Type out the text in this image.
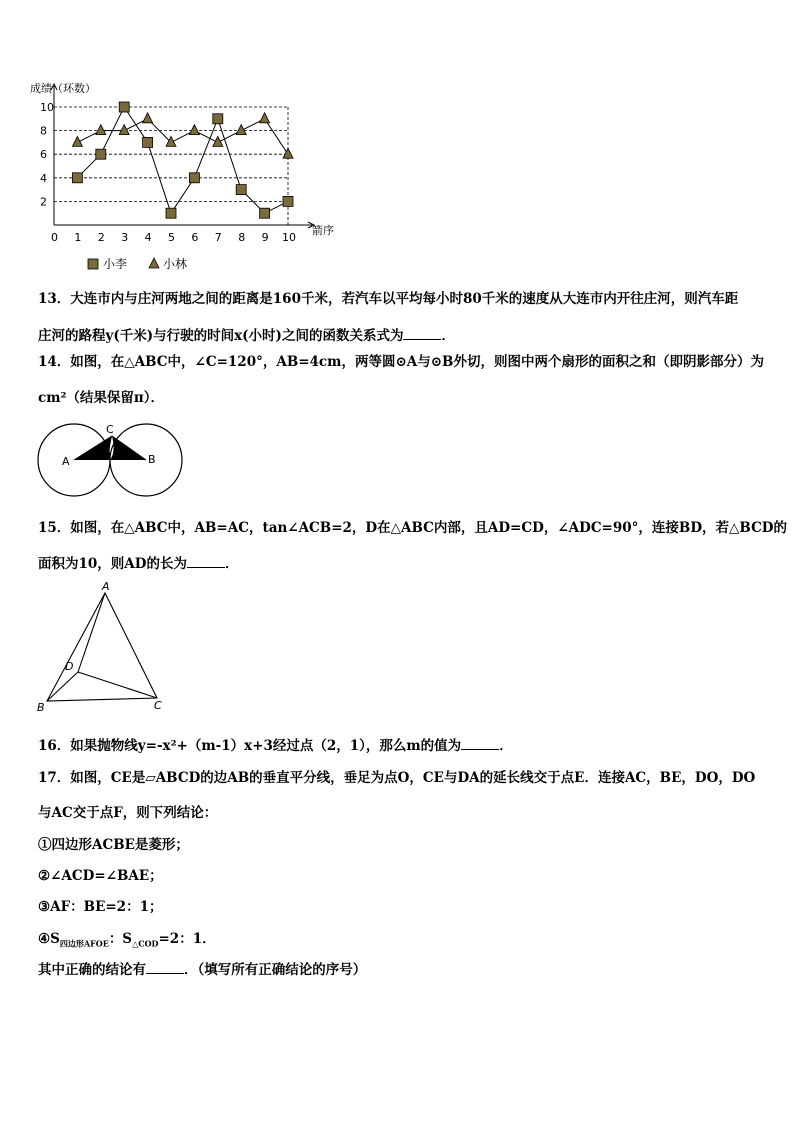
2
4
6
8
10
0 1 2 3 4 5 6 7 8 9 10
成绩（环数）
箭序
小李	小林
13．大连市内与庄河两地之间的距离是160千米，若汽车以平均每小时80千米的速度从大连市内开往庄河，则汽车距
庄河的路程y(千米)与行驶的时间x(小时)之间的函数关系式为	．
14．如图，在△ABC中，∠C=120°，AB=4cm，两等圆⊙A与⊙B外切，则图中两个扇形的面积之和（即阴影部分）为
cm²（结果保留π）．
A	B
C
15．如图，在△ABC中，AB=AC，tan∠ACB=2，D在△ABC内部，且AD=CD，∠ADC=90°，连接BD，若△BCD的
面积为10，则AD的长为	．
A
B	C
D
16．如果抛物线y=-x²+（m-1）x+3经过点（2，1），那么m的值为	．
17．如图，CE是▱ABCD的边AB的垂直平分线，垂足为点O，CE与DA的延长线交于点E．连接AC，BE，DO，DO
与AC交于点F，则下列结论：
①四边形ACBE是菱形；
②∠ACD=∠BAE；
③AF：BE=2：1；
$④S_{四边形AFOE}$：$S_{\triangle COD}=2$：1．
其中正确的结论有	．（填写所有正确结论的序号）
